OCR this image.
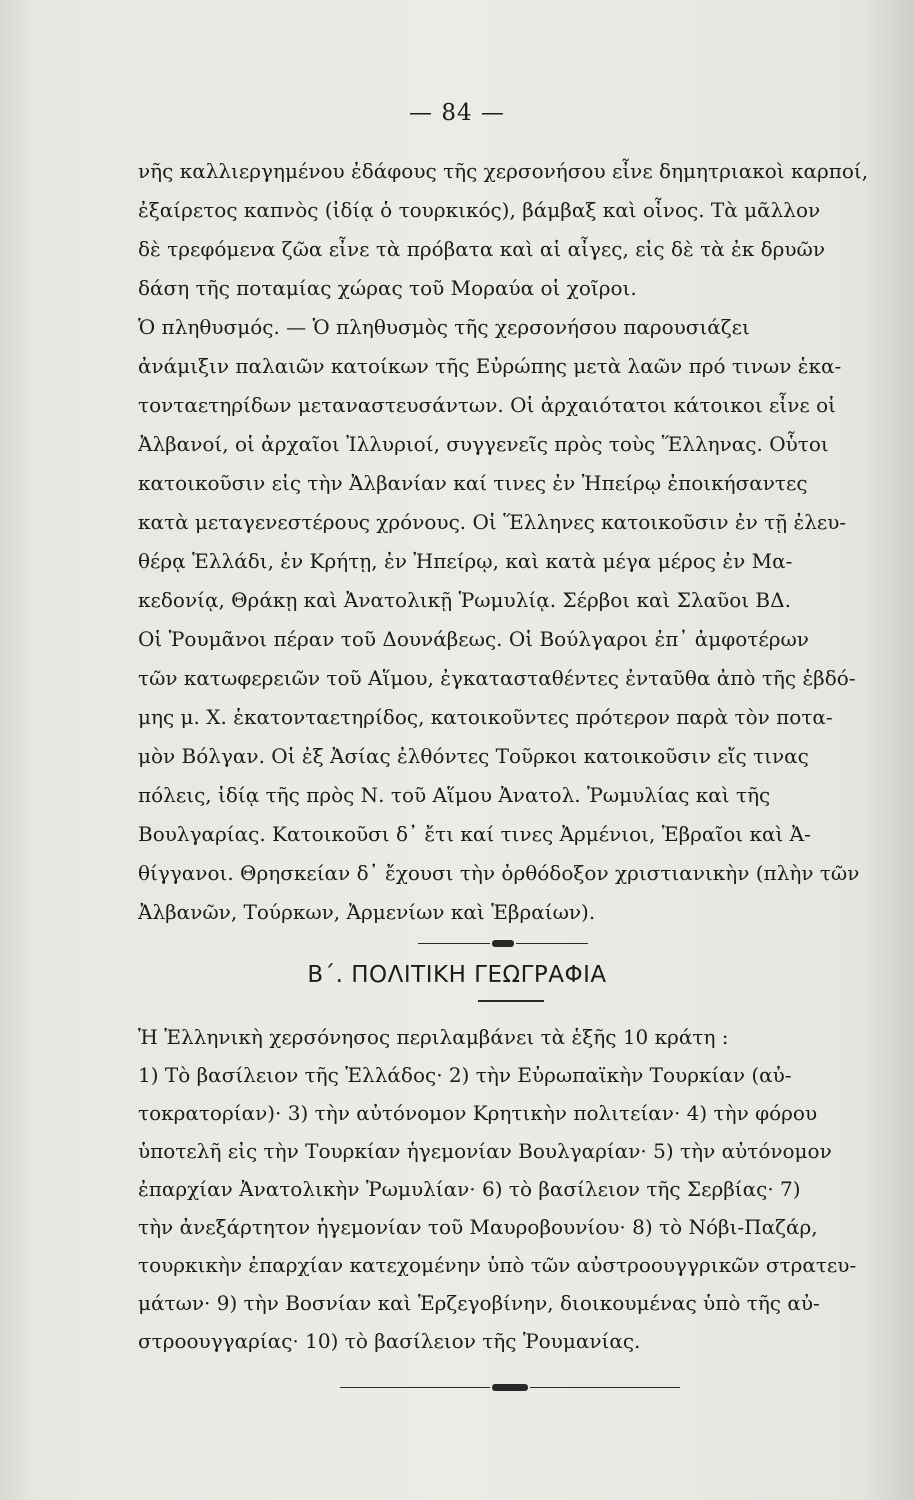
— 84 —
νῆς καλλιεργημένου ἐδάφους τῆς χερσονήσου εἶνε δημητριακοὶ καρποί,
ἐξαίρετος καπνὸς (ἰδίᾳ ὁ τουρκικός), βάμβαξ καὶ οἶνος. Τὰ μᾶλλον
δὲ τρεφόμενα ζῶα εἶνε τὰ πρόβατα καὶ αἱ αἶγες, εἰς δὲ τὰ ἐκ δρυῶν
δάση τῆς ποταμίας χώρας τοῦ Μοραύα οἱ χοῖροι.
Ὁ πληθυσμός. — Ὁ πληθυσμὸς τῆς χερσονήσου παρουσιάζει
ἀνάμιξιν παλαιῶν κατοίκων τῆς Εὐρώπης μετὰ λαῶν πρό τινων ἑκα-
τονταετηρίδων μεταναστευσάντων. Οἱ ἀρχαιότατοι κάτοικοι εἶνε οἱ
Ἀλβανοί, οἱ ἀρχαῖοι Ἰλλυριοί, συγγενεῖς πρὸς τοὺς Ἕλληνας. Οὗτοι
κατοικοῦσιν εἰς τὴν Ἀλβανίαν καί τινες ἐν Ἠπείρῳ ἐποικήσαντες
κατὰ μεταγενεστέρους χρόνους. Οἱ Ἕλληνες κατοικοῦσιν ἐν τῇ ἐλευ-
θέρᾳ Ἑλλάδι, ἐν Κρήτῃ, ἐν Ἠπείρῳ, καὶ κατὰ μέγα μέρος ἐν Μα-
κεδονίᾳ, Θράκῃ καὶ Ἀνατολικῇ Ῥωμυλίᾳ. Σέρβοι καὶ Σλαῦοι ΒΔ.
Οἱ Ῥουμᾶνοι πέραν τοῦ Δουνάβεως. Οἱ Βούλγαροι ἐπ᾽ ἀμφοτέρων
τῶν κατωφερειῶν τοῦ Αἵμου, ἐγκατασταθέντες ἐνταῦθα ἀπὸ τῆς ἑβδό-
μης μ. Χ. ἑκατονταετηρίδος, κατοικοῦντες πρότερον παρὰ τὸν ποτα-
μὸν Βόλγαν. Οἱ ἐξ Ἀσίας ἐλθόντες Τοῦρκοι κατοικοῦσιν εἴς τινας
πόλεις, ἰδίᾳ τῆς πρὸς Ν. τοῦ Αἵμου Ἀνατολ. Ῥωμυλίας καὶ τῆς
Βουλγαρίας. Κατοικοῦσι δ᾽ ἔτι καί τινες Ἀρμένιοι, Ἑβραῖοι καὶ Ἀ-
θίγγανοι. Θρησκείαν δ᾽ ἔχουσι τὴν ὀρθόδοξον χριστιανικὴν (πλὴν τῶν
Ἀλβανῶν, Τούρκων, Ἀρμενίων καὶ Ἑβραίων).
Β΄. ΠΟΛΙΤΙΚΗ ΓΕΩΓΡΑΦΙΑ
Ἡ Ἑλληνικὴ χερσόνησος περιλαμβάνει τὰ ἑξῆς 10 κράτη :
1) Τὸ βασίλειον τῆς Ἑλλάδος· 2) τὴν Εὐρωπαϊκὴν Τουρκίαν (αὐ-
τοκρατορίαν)· 3) τὴν αὐτόνομον Κρητικὴν πολιτείαν· 4) τὴν φόρου
ὑποτελῆ εἰς τὴν Τουρκίαν ἡγεμονίαν Βουλγαρίαν· 5) τὴν αὐτόνομον
ἐπαρχίαν Ἀνατολικὴν Ῥωμυλίαν· 6) τὸ βασίλειον τῆς Σερβίας· 7)
τὴν ἀνεξάρτητον ἡγεμονίαν τοῦ Μαυροβουνίου· 8) τὸ Νόβι-Παζάρ,
τουρκικὴν ἐπαρχίαν κατεχομένην ὑπὸ τῶν αὐστροουγγρικῶν στρατευ-
μάτων· 9) τὴν Βοσνίαν καὶ Ἑρζεγοβίνην, διοικουμένας ὑπὸ τῆς αὐ-
στροουγγαρίας· 10) τὸ βασίλειον τῆς Ῥουμανίας.
